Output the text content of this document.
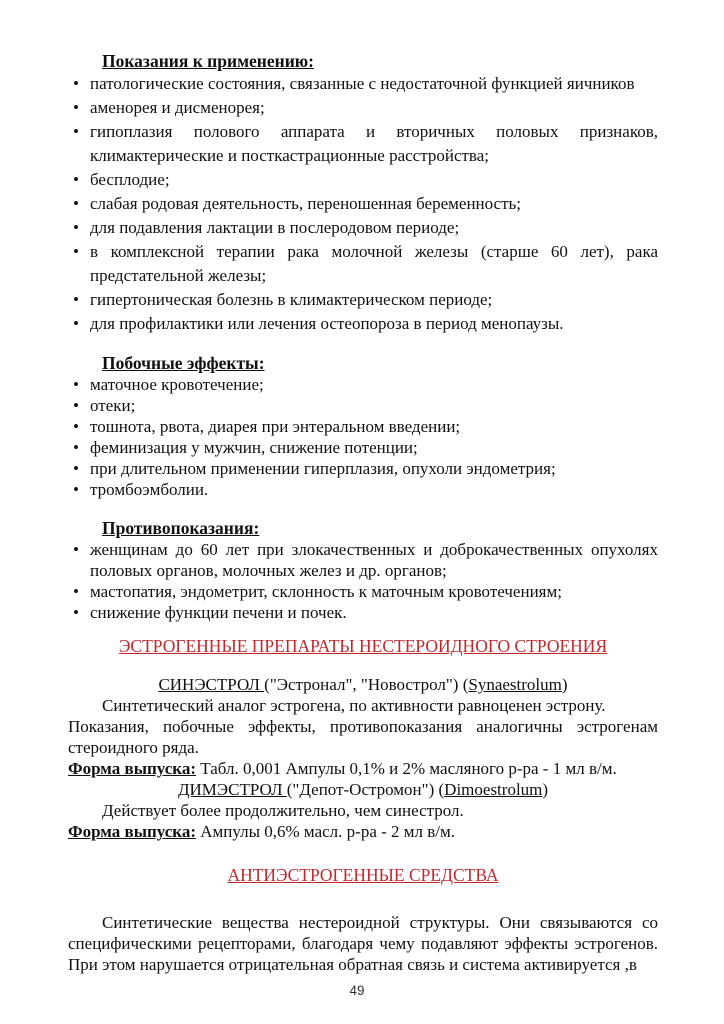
Показания к применению:
• патологические состояния, связанные с недостаточной функцией яичников
• аменорея и дисменорея;
• гипоплазия полового аппарата и вторичных половых признаков, климактерические и посткастрационные расстройства;
• бесплодие;
• слабая родовая деятельность, переношенная беременность;
• для подавления лактации в послеродовом периоде;
• в комплексной терапии рака молочной железы (старше 60 лет), рака предстательной железы;
• гипертоническая болезнь в климактерическом периоде;
• для профилактики или лечения остеопороза в период менопаузы.
Побочные эффекты:
• маточное кровотечение;
• отеки;
• тошнота, рвота, диарея при энтеральном введении;
• феминизация у мужчин, снижение потенции;
• при длительном применении гиперплазия, опухоли эндометрия;
• тромбоэмболии.
Противопоказания:
• женщинам до 60 лет при злокачественных и доброкачественных опухолях половых органов, молочных желез и др. органов;
• мастопатия, эндометрит, склонность к маточным кровотечениям;
• снижение функции печени и почек.
ЭСТРОГЕННЫЕ ПРЕПАРАТЫ НЕСТЕРОИДНОГО СТРОЕНИЯ

СИНЭСТРОЛ ("Эстронал", "Новострол") (Synaestrolum)

Синтетический аналог эстрогена, по активности равноценен эстрону.

Показания, побочные эффекты, противопоказания аналогичны эстрогенам стероидного ряда.

Форма выпуска: Табл. 0,001 Ампулы 0,1% и 2% масляного р-ра - 1 мл в/м.

ДИМЭСТРОЛ ("Депот-Остромон") (Dimoestrolum)

Действует более продолжительно, чем синестрол.

Форма выпуска: Ампулы 0,6% масл. р-ра - 2 мл в/м.

АНТИЭСТРОГЕННЫЕ СРЕДСТВА

Синтетические вещества нестероидной структуры. Они связываются со специфическими рецепторами, благодаря чему подавляют эффекты эстрогенов. При этом нарушается отрицательная обратная связь и система активируется ,в

49
